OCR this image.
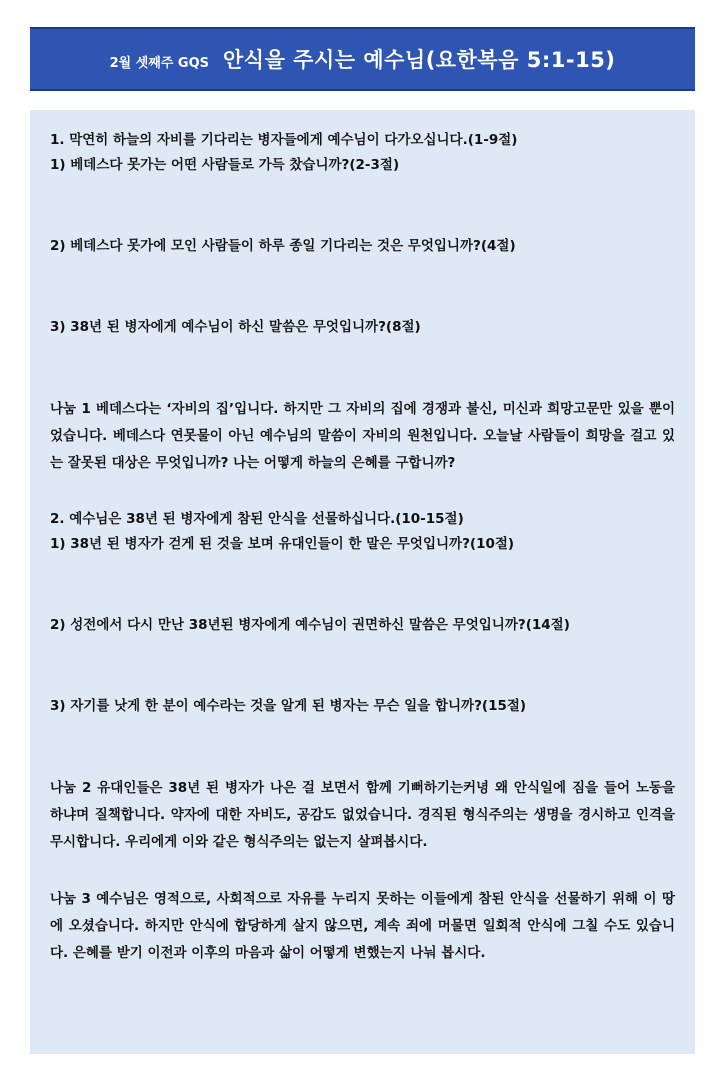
2월 셋째주 GQS 안식을 주시는 예수님(요한복음 5:1-15)
1. 막연히 하늘의 자비를 기다리는 병자들에게 예수님이 다가오십니다.(1-9절)
1) 베데스다 못가는 어떤 사람들로 가득 찼습니까?(2-3절)
2) 베데스다 못가에 모인 사람들이 하루 종일 기다리는 것은 무엇입니까?(4절)
3) 38년 된 병자에게 예수님이 하신 말씀은 무엇입니까?(8절)
나눔 1 베데스다는 ‘자비의 집’입니다. 하지만 그 자비의 집에 경쟁과 불신, 미신과 희망고문만 있을 뿐이었습니다. 베데스다 연못물이 아닌 예수님의 말씀이 자비의 원천입니다. 오늘날 사람들이 희망을 걸고 있는 잘못된 대상은 무엇입니까? 나는 어떻게 하늘의 은혜를 구합니까?
2. 예수님은 38년 된 병자에게 참된 안식을 선물하십니다.(10-15절)
1) 38년 된 병자가 걷게 된 것을 보며 유대인들이 한 말은 무엇입니까?(10절)
2) 성전에서 다시 만난 38년된 병자에게 예수님이 권면하신 말씀은 무엇입니까?(14절)
3) 자기를 낫게 한 분이 예수라는 것을 알게 된 병자는 무슨 일을 합니까?(15절)
나눔 2 유대인들은 38년 된 병자가 나은 걸 보면서 함께 기뻐하기는커녕 왜 안식일에 짐을 들어 노동을 하냐며 질책합니다. 약자에 대한 자비도, 공감도 없었습니다. 경직된 형식주의는 생명을 경시하고 인격을 무시합니다. 우리에게 이와 같은 형식주의는 없는지 살펴봅시다.
나눔 3 예수님은 영적으로, 사회적으로 자유를 누리지 못하는 이들에게 참된 안식을 선물하기 위해 이 땅에 오셨습니다. 하지만 안식에 합당하게 살지 않으면, 계속 죄에 머물면 일회적 안식에 그칠 수도 있습니다. 은혜를 받기 이전과 이후의 마음과 삶이 어떻게 변했는지 나눠 봅시다.
